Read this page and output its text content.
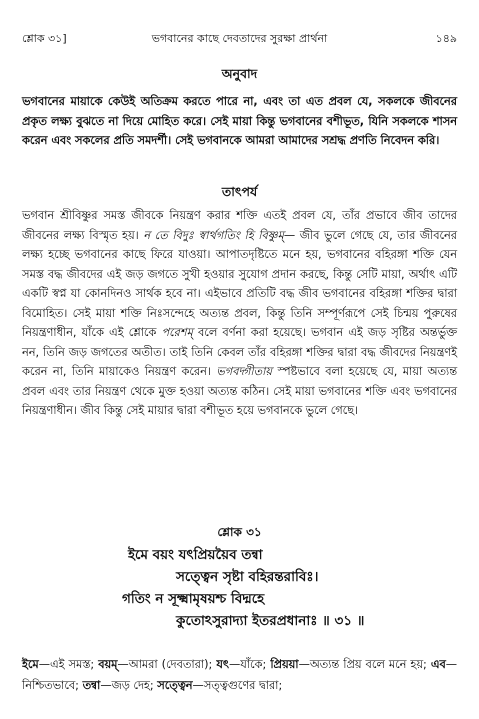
শ্লোক ৩১]	ভগবানের কাছে দেবতাদের সুরক্ষা প্রার্থনা	১৪৯
অনুবাদ

ভগবানের মায়াকে কেউই অতিক্রম করতে পারে না, এবং তা এত প্রবল যে, সকলকে জীবনের প্রকৃত লক্ষ্য বুঝতে না দিয়ে মোহিত করে। সেই মায়া কিন্তু ভগবানের বশীভূত, যিনি সকলকে শাসন করেন এবং সকলের প্রতি সমদর্শী। সেই ভগবানকে আমরা আমাদের সশ্রদ্ধ প্রণতি নিবেদন করি।

তাৎপর্য

ভগবান শ্রীবিষ্ণুর সমস্ত জীবকে নিয়ন্ত্রণ করার শক্তি এতই প্রবল যে, তাঁর প্রভাবে জীব তাদের জীবনের লক্ষ্য বিস্মৃত হয়। ন তে বিদুঃ স্বার্থগতিং হি বিষ্ণুম্— জীব ভুলে গেছে যে, তার জীবনের লক্ষ্য হচ্ছে ভগবানের কাছে ফিরে যাওয়া। আপাতদৃষ্টিতে মনে হয়, ভগবানের বহিরঙ্গা শক্তি যেন সমস্ত বদ্ধ জীবদের এই জড় জগতে সুখী হওয়ার সুযোগ প্রদান করছে, কিন্তু সেটি মায়া, অর্থাৎ এটি একটি স্বপ্ন যা কোনদিনও সার্থক হবে না। এইভাবে প্রতিটি বদ্ধ জীব ভগবানের বহিরঙ্গা শক্তির দ্বারা বিমোহিত। সেই মায়া শক্তি নিঃসন্দেহে অত্যন্ত প্রবল, কিন্তু তিনি সম্পূর্ণরূপে সেই চিন্ময় পুরুষের নিয়ন্ত্রণাধীন, যাঁকে এই শ্লোকে পরেশম্ বলে বর্ণনা করা হয়েছে। ভগবান এই জড় সৃষ্টির অন্তর্ভুক্ত নন, তিনি জড় জগতের অতীত। তাই তিনি কেবল তাঁর বহিরঙ্গা শক্তির দ্বারা বদ্ধ জীবদের নিয়ন্ত্রণই করেন না, তিনি মায়াকেও নিয়ন্ত্রণ করেন। ভগবদ্গীতায় স্পষ্টভাবে বলা হয়েছে যে, মায়া অত্যন্ত প্রবল এবং তার নিয়ন্ত্রণ থেকে মুক্ত হওয়া অত্যন্ত কঠিন। সেই মায়া ভগবানের শক্তি এবং ভগবানের নিয়ন্ত্রণাধীন। জীব কিন্তু সেই মায়ার দ্বারা বশীভূত হয়ে ভগবানকে ভুলে গেছে।

শ্লোক ৩১
ইমে বয়ং যৎপ্রিয়য়ৈব তন্বা
সত্ত্বেন সৃষ্টা বহিরন্তরাবিঃ।
গতিং ন সূক্ষ্মামৃষয়শ্চ বিদ্মহে
কুতোঽসুরাদ্যা ইতরপ্রধানাঃ ॥ ৩১ ॥

ইমে—এই সমস্ত; বয়ম্—আমরা (দেবতারা); যৎ—যাঁকে; প্রিয়য়া—অত্যন্ত প্রিয় বলে মনে হয়; এব—নিশ্চিতভাবে; তন্বা—জড় দেহ; সত্ত্বেন—সত্ত্বগুণের দ্বারা;
